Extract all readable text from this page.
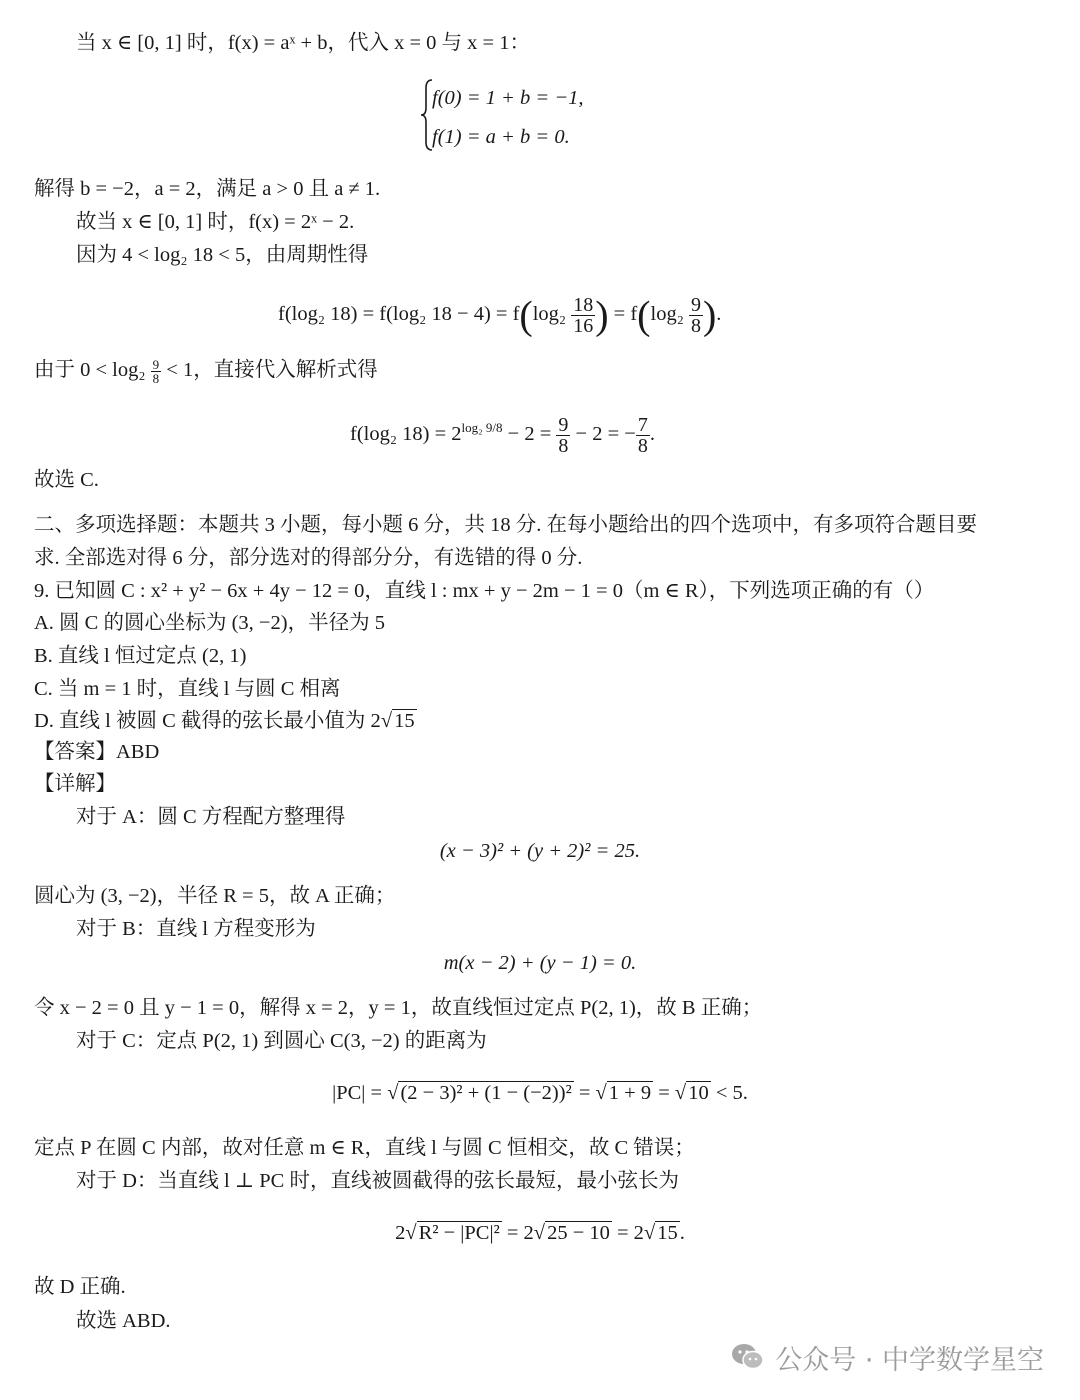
当 x ∈ [0, 1] 时，f(x) = aˣ + b，代入 x = 0 与 x = 1：
f(0) = 1 + b = −1,
f(1) = a + b = 0.
解得 b = −2，a = 2，满足 a > 0 且 a ≠ 1.
故当 x ∈ [0, 1] 时，f(x) = 2ˣ − 2.
因为 4 < log₂ 18 < 5，由周期性得
f(log₂ 18) = f(log₂ $18 - 4) = f(\log_2 \frac{18}{16}$ ) = $f(\log_2 \frac{9}{8}$ ).
由于 $0 < \log_2 \frac{9}{8} < 1$，直接代入解析式得
f(log₂ $18) = 2^{log_2 9/8} - 2 = \frac{9}{8} - 2$ = − $\frac{7}{8}$ .
故选 C.
二、多项选择题：本题共 3 小题，每小题 6 分，共 18 分. 在每小题给出的四个选项中，有多项符合题目要
求. 全部选对得 6 分，部分选对的得部分分，有选错的得 0 分.
9. 已知圆 C : x² + y² − 6x + 4y − 12 = 0，直线 l : mx + y − 2m − 1 = 0（m ∈ R），下列选项正确的有（）
A. 圆 C 的圆心坐标为 (3, −2)，半径为 5
B. 直线 l 恒过定点 (2, 1)
C. 当 m = 1 时，直线 l 与圆 C 相离
D. 直线 l 被圆 C 截得的弦长最小值为 2√15
【答案】ABD
【详解】
对于 A：圆 C 方程配方整理得
(x − 3)² + (y + 2)² = 25.
圆心为 (3, −2)，半径 R = 5，故 A 正确；
对于 B：直线 l 方程变形为
m(x − 2) + (y − 1) = 0.
令 x − 2 = 0 且 y − 1 = 0，解得 x = 2，y = 1，故直线恒过定点 P(2, 1)，故 B 正确；
对于 C：定点 P(2, 1) 到圆心 C(3, −2) 的距离为
|PC| = √(2 − 3)² + (1 − (−2))² = √1 + 9 = √10 < 5.
定点 P 在圆 C 内部，故对任意 m ∈ R，直线 l 与圆 C 恒相交，故 C 错误；
对于 D：当直线 l ⊥ PC 时，直线被圆截得的弦长最短，最小弦长为
2√R² − |PC|² = 2√25 − 10 = 2√15.
故 D 正确.
故选 ABD.
公众号 · 中学数学星空
